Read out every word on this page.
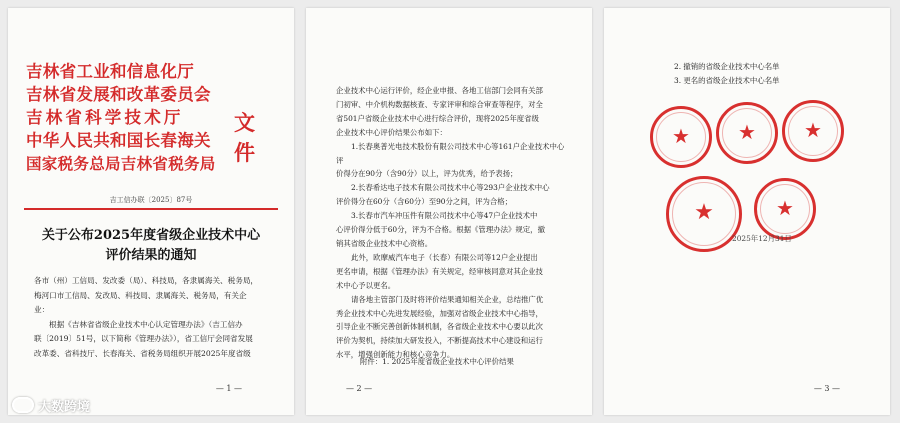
吉林省工业和信息化厅
吉林省发展和改革委员会
吉林省科学技术厅
中华人民共和国长春海关
国家税务总局吉林省税务局
文件
吉工信办联〔2025〕87号
关于公布2025年度省级企业技术中心
评价结果的通知

各市（州）工信局、发改委（局）、科技局，各隶属海关、税务局，

梅河口市工信局、发改局、科技局、隶属海关、税务局，有关企

业：

根据《吉林省省级企业技术中心认定管理办法》（吉工信办

联〔2019〕51号，以下简称《管理办法》），省工信厅会同省发展

改革委、省科技厅、长春海关、省税务局组织开展2025年度省级

— 1 —

企业技术中心运行评价，经企业申报、各地工信部门会同有关部

门初审、中介机构数据核查、专家评审和综合审查等程序，对全

省501户省级企业技术中心进行综合评价，现将2025年度省级

企业技术中心评价结果公布如下：

1.长春奥普光电技术股份有限公司技术中心等161户企业技术中心评

价得分在90分（含90分）以上，评为优秀，给予表扬；

2.长春希达电子技术有限公司技术中心等293户企业技术中心

评价得分在60分（含60分）至90分之间，评为合格；

3.长春市汽车冲压件有限公司技术中心等47户企业技术中

心评价得分低于60分，评为不合格。根据《管理办法》规定，撤

销其省级企业技术中心资格。

此外，欧摩威汽车电子（长春）有限公司等12户企业提出

更名申请，根据《管理办法》有关规定，经审核同意对其企业技

术中心予以更名。

请各地主管部门及时将评价结果通知相关企业，总结推广优

秀企业技术中心先进发展经验，加强对省级企业技术中心指导，

引导企业不断完善创新体制机制，各省级企业技术中心要以此次

评价为契机，持续加大研发投入，不断提高技术中心建设和运行

水平，增强创新能力和核心竞争力。

附件：1. 2025年度省级企业技术中心评价结果
— 2 —
2. 撤销的省级企业技术中心名单
3. 更名的省级企业技术中心名单
★	★	★
★	★
2025年12月31日
— 3 —
大数跨境
